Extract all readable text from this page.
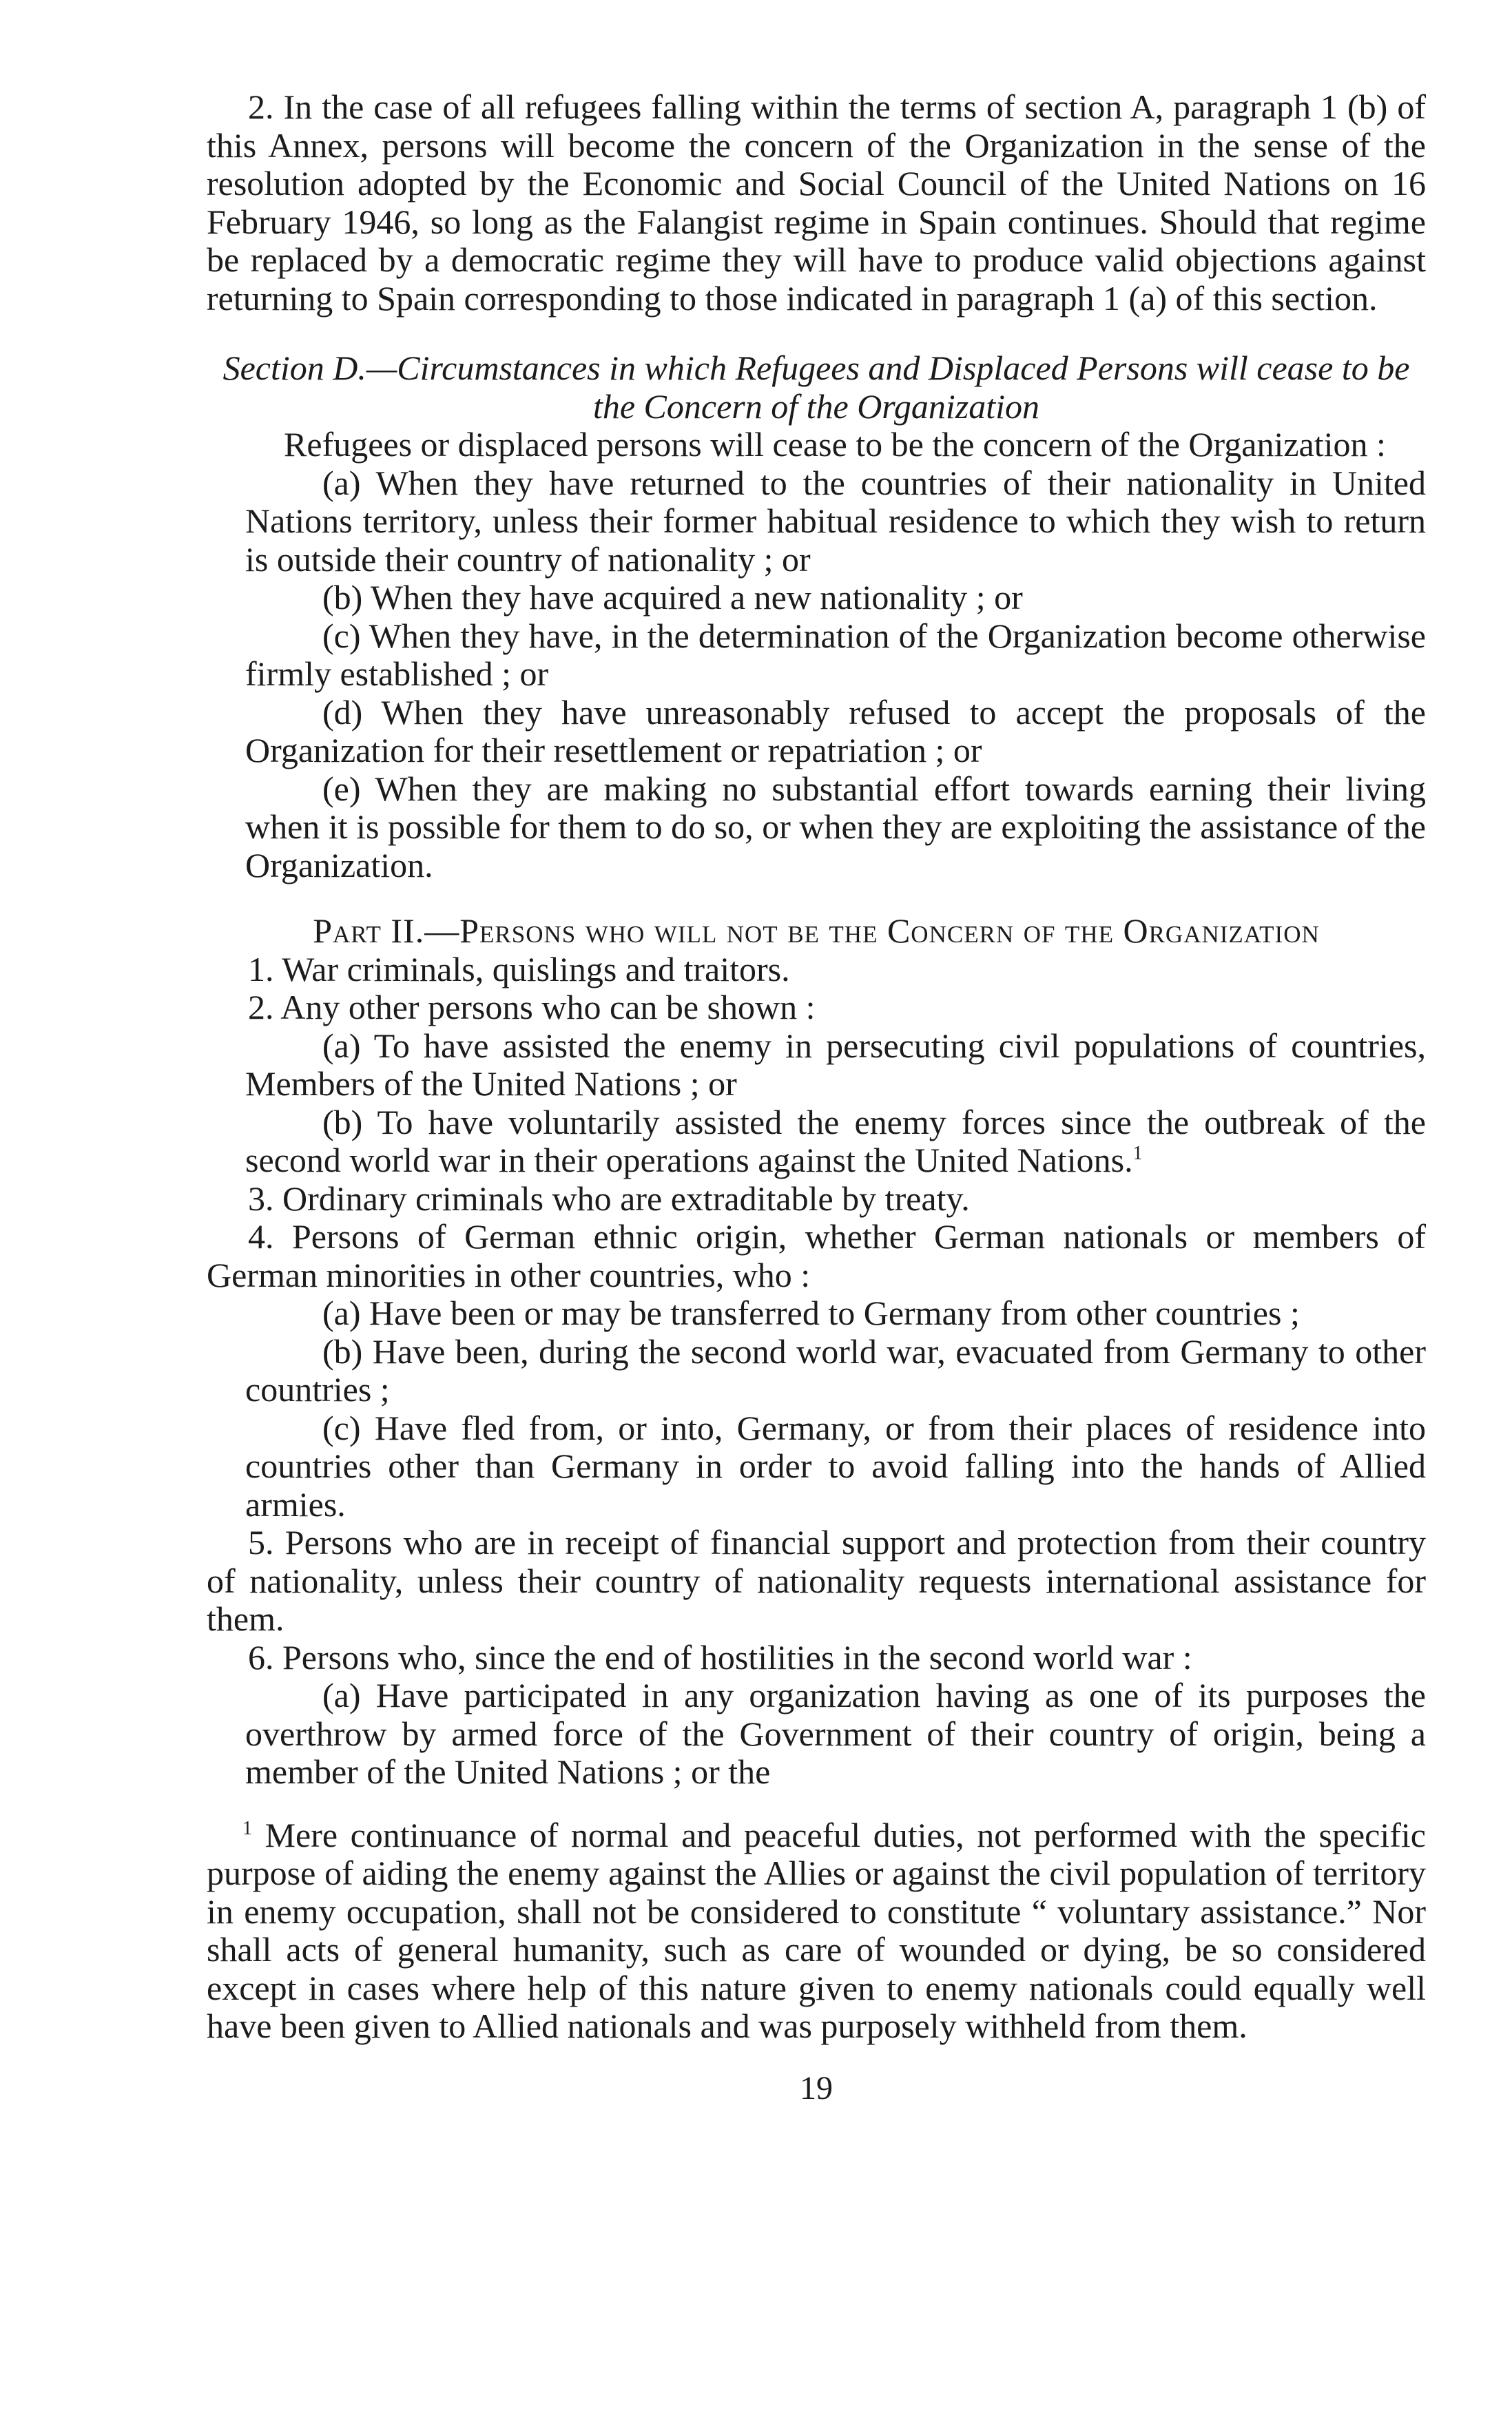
2. In the case of all refugees falling within the terms of section A, paragraph 1 (b) of this Annex, persons will become the concern of the Organization in the sense of the resolution adopted by the Economic and Social Council of the United Nations on 16 February 1946, so long as the Falangist regime in Spain continues. Should that regime be replaced by a democratic regime they will have to produce valid objections against returning to Spain corresponding to those indicated in paragraph 1 (a) of this section.

Section D.—Circumstances in which Refugees and Displaced Persons will cease to be the Concern of the Organization

Refugees or displaced persons will cease to be the concern of the Organization :

(a) When they have returned to the countries of their nationality in United Nations territory, unless their former habitual residence to which they wish to return is outside their country of nationality ; or

(b) When they have acquired a new nationality ; or

(c) When they have, in the determination of the Organization become otherwise firmly established ; or

(d) When they have unreasonably refused to accept the proposals of the Organization for their resettlement or repatriation ; or

(e) When they are making no substantial effort towards earning their living when it is possible for them to do so, or when they are exploiting the assistance of the Organization.

Part II.—Persons who will not be the Concern of the Organization

1. War criminals, quislings and traitors.

2. Any other persons who can be shown :

(a) To have assisted the enemy in persecuting civil populations of countries, Members of the United Nations ; or

(b) To have voluntarily assisted the enemy forces since the outbreak of the second world war in their operations against the United Nations.$^1$

3. Ordinary criminals who are extraditable by treaty.

4. Persons of German ethnic origin, whether German nationals or members of German minorities in other countries, who :

(a) Have been or may be transferred to Germany from other countries ;

(b) Have been, during the second world war, evacuated from Germany to other countries ;

(c) Have fled from, or into, Germany, or from their places of residence into countries other than Germany in order to avoid falling into the hands of Allied armies.

5. Persons who are in receipt of financial support and protection from their country of nationality, unless their country of nationality requests international assistance for them.

6. Persons who, since the end of hostilities in the second world war :

(a) Have participated in any organization having as one of its purposes the overthrow by armed force of the Government of their country of origin, being a member of the United Nations ; or the

$^1$ Mere continuance of normal and peaceful duties, not performed with the specific purpose of aiding the enemy against the Allies or against the civil population of territory in enemy occupation, shall not be considered to constitute “ voluntary assistance.” Nor shall acts of general humanity, such as care of wounded or dying, be so considered except in cases where help of this nature given to enemy nationals could equally well have been given to Allied nationals and was purposely withheld from them.

19
